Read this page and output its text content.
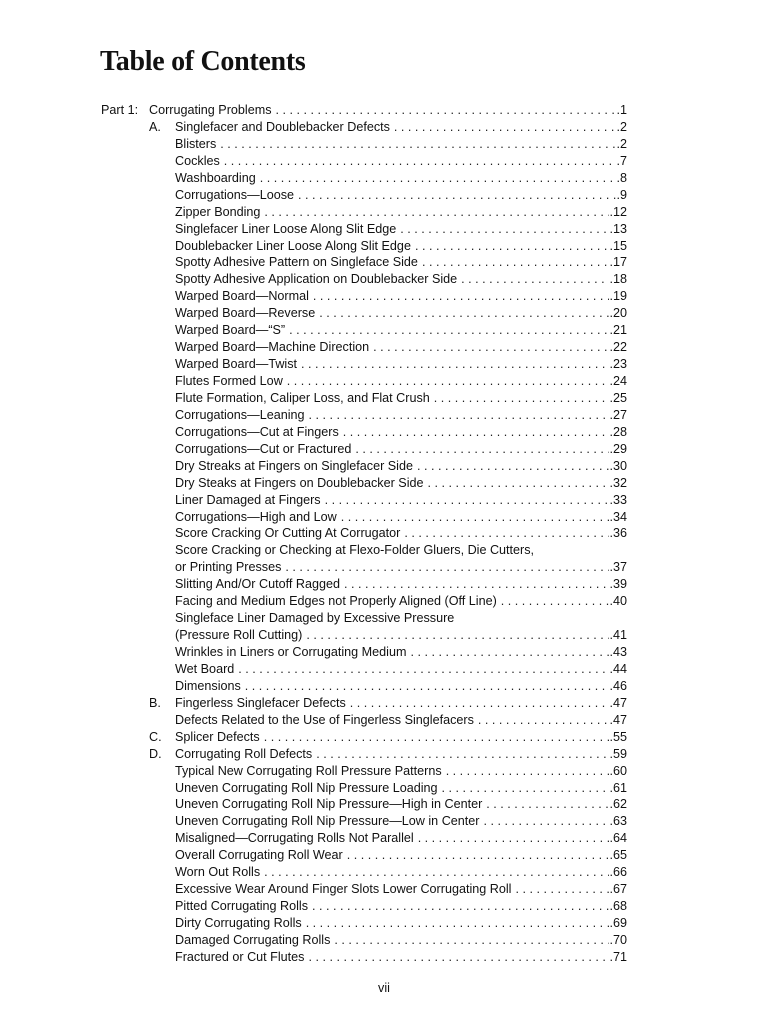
Table of Contents
Part 1: Corrugating Problems . . .	.1
A. Singlefacer and Doublebacker Defects . . .	.2
Blisters . . .	.2
Cockles . . .	.7
Washboarding . . .	.8
Corrugations—Loose . . .	.9
Zipper Bonding . . .	.12
Singlefacer Liner Loose Along Slit Edge . . .	.13
Doublebacker Liner Loose Along Slit Edge . . .	.15
Spotty Adhesive Pattern on Singleface Side . . .	.17
Spotty Adhesive Application on Doublebacker Side . . .	.18
Warped Board—Normal . . .	.19
Warped Board—Reverse . . .	.20
Warped Board—“S” . . .	.21
Warped Board—Machine Direction . . .	.22
Warped Board—Twist . . .	.23
Flutes Formed Low . . .	.24
Flute Formation, Caliper Loss, and Flat Crush . . .	.25
Corrugations—Leaning . . .	.27
Corrugations—Cut at Fingers . . .	.28
Corrugations—Cut or Fractured . . .	.29
Dry Streaks at Fingers on Singlefacer Side . . .	.30
Dry Steaks at Fingers on Doublebacker Side . . .	.32
Liner Damaged at Fingers . . .	.33
Corrugations—High and Low . . .	.34
Score Cracking Or Cutting At Corrugator . . .	.36
Score Cracking or Checking at Flexo-Folder Gluers, Die Cutters,
or Printing Presses . . .	.37
Slitting And/Or Cutoff Ragged . . .	.39
Facing and Medium Edges not Properly Aligned (Off Line) . . .	.40
Singleface Liner Damaged by Excessive Pressure
(Pressure Roll Cutting) . . .	.41
Wrinkles in Liners or Corrugating Medium . . .	.43
Wet Board . . .	.44
Dimensions . . .	.46
B. Fingerless Singlefacer Defects . . .	.47
Defects Related to the Use of Fingerless Singlefacers . . .	.47
C. Splicer Defects . . .	.55
D. Corrugating Roll Defects . . .	.59
Typical New Corrugating Roll Pressure Patterns . . .	.60
Uneven Corrugating Roll Nip Pressure Loading . . .	.61
Uneven Corrugating Roll Nip Pressure—High in Center . . .	.62
Uneven Corrugating Roll Nip Pressure—Low in Center . . .	.63
Misaligned—Corrugating Rolls Not Parallel . . .	.64
Overall Corrugating Roll Wear . . .	.65
Worn Out Rolls . . .	.66
Excessive Wear Around Finger Slots Lower Corrugating Roll . . .	.67
Pitted Corrugating Rolls . . .	.68
Dirty Corrugating Rolls . . .	.69
Damaged Corrugating Rolls . . .	.70
Fractured or Cut Flutes . . .	.71
vii
